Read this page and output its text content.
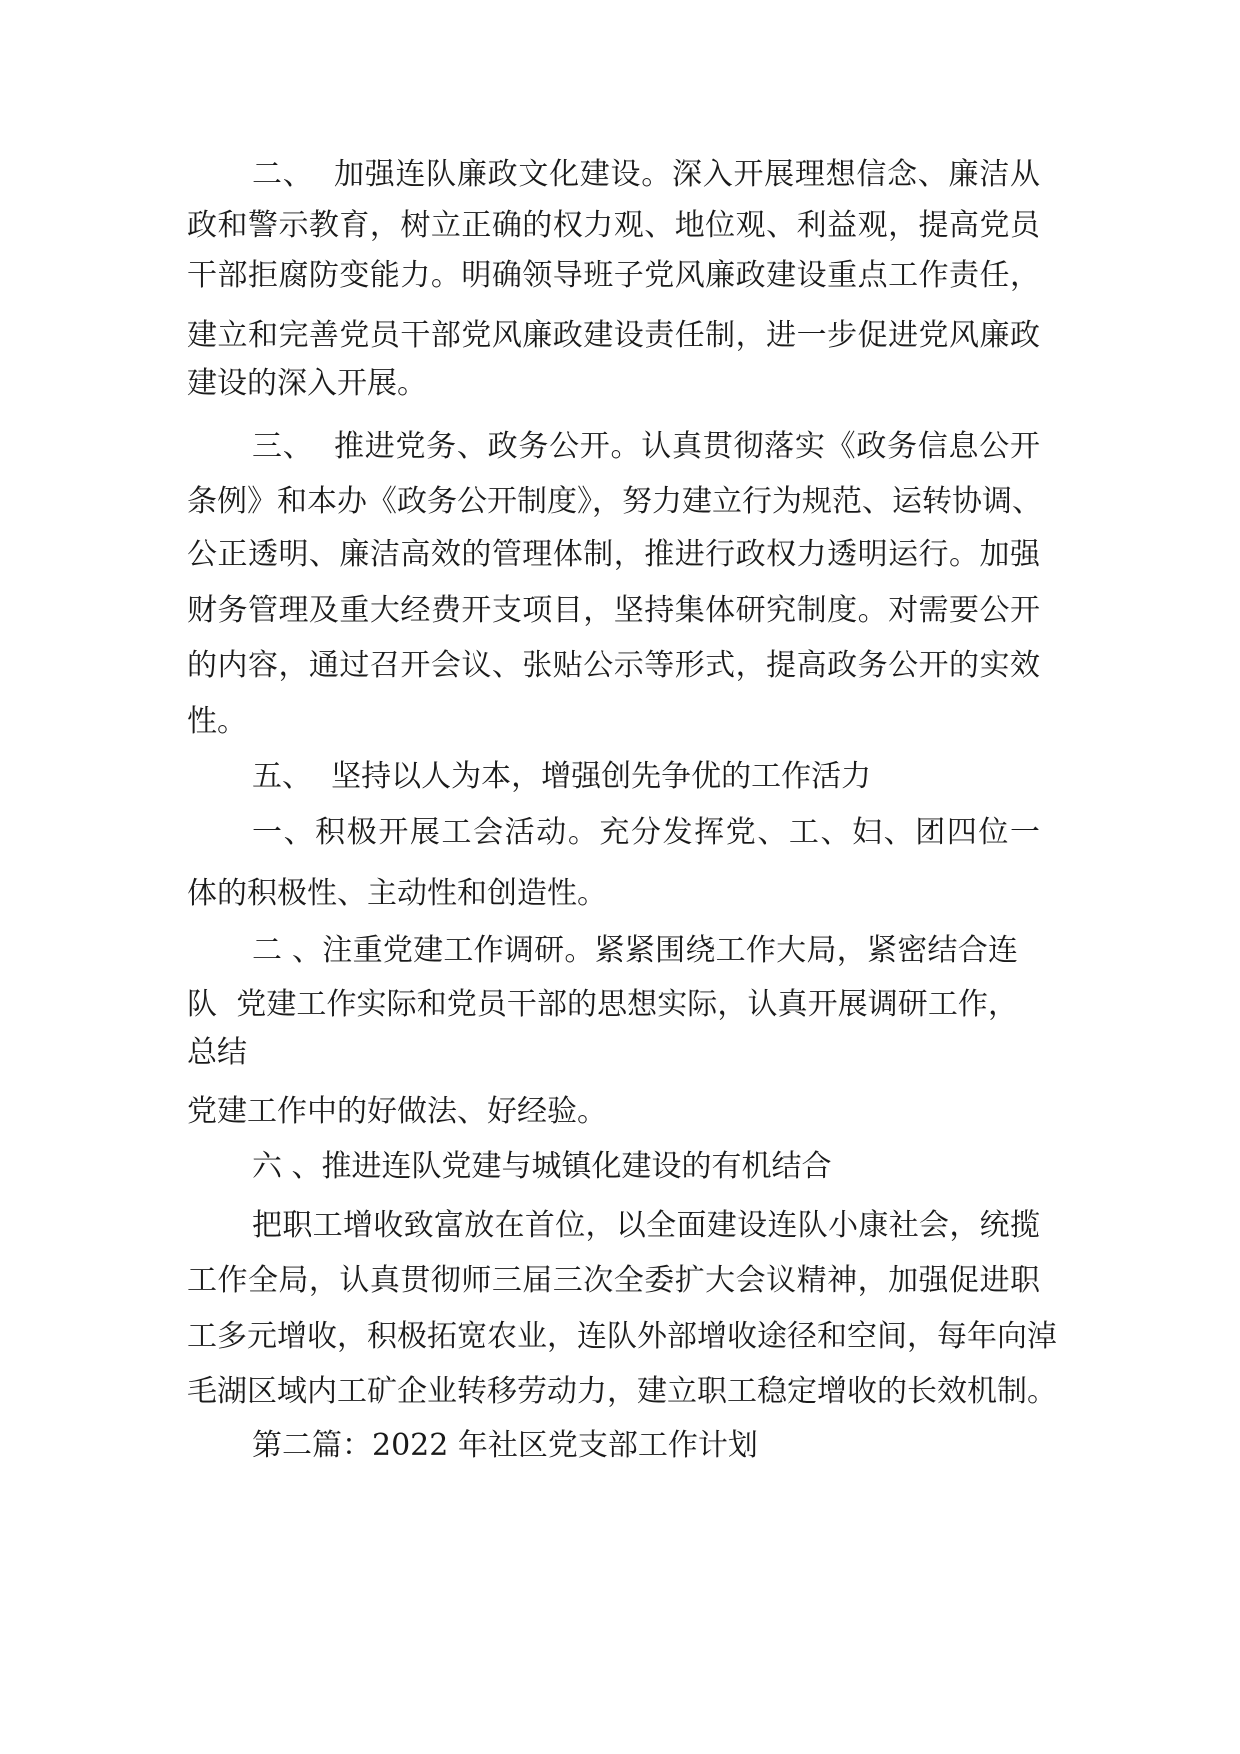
二、  加强连队廉政文化建设。深入开展理想信念、廉洁从
政和警示教育，树立正确的权力观、地位观、利益观，提高党员
干部拒腐防变能力。明确领导班子党风廉政建设重点工作责任，
建立和完善党员干部党风廉政建设责任制，进一步促进党风廉政
建设的深入开展。
三、  推进党务、政务公开。认真贯彻落实《政务信息公开
条例》和本办《政务公开制度》，努力建立行为规范、运转协调、
公正透明、廉洁高效的管理体制，推进行政权力透明运行。加强
财务管理及重大经费开支项目，坚持集体研究制度。对需要公开
的内容，通过召开会议、张贴公示等形式，提高政务公开的实效
性。
五、  坚持以人为本，增强创先争优的工作活力
一、积极开展工会活动。充分发挥党、工、妇、团四位一
体的积极性、主动性和创造性。
二 、注重党建工作调研。紧紧围绕工作大局，紧密结合连
队  党建工作实际和党员干部的思想实际，认真开展调研工作，
总结
党建工作中的好做法、好经验。
六 、推进连队党建与城镇化建设的有机结合
把职工增收致富放在首位，以全面建设连队小康社会，统揽
工作全局，认真贯彻师三届三次全委扩大会议精神，加强促进职
工多元增收，积极拓宽农业，连队外部增收途径和空间，每年向淖
毛湖区域内工矿企业转移劳动力，建立职工稳定增收的长效机制。
第二篇：2022 年社区党支部工作计划
